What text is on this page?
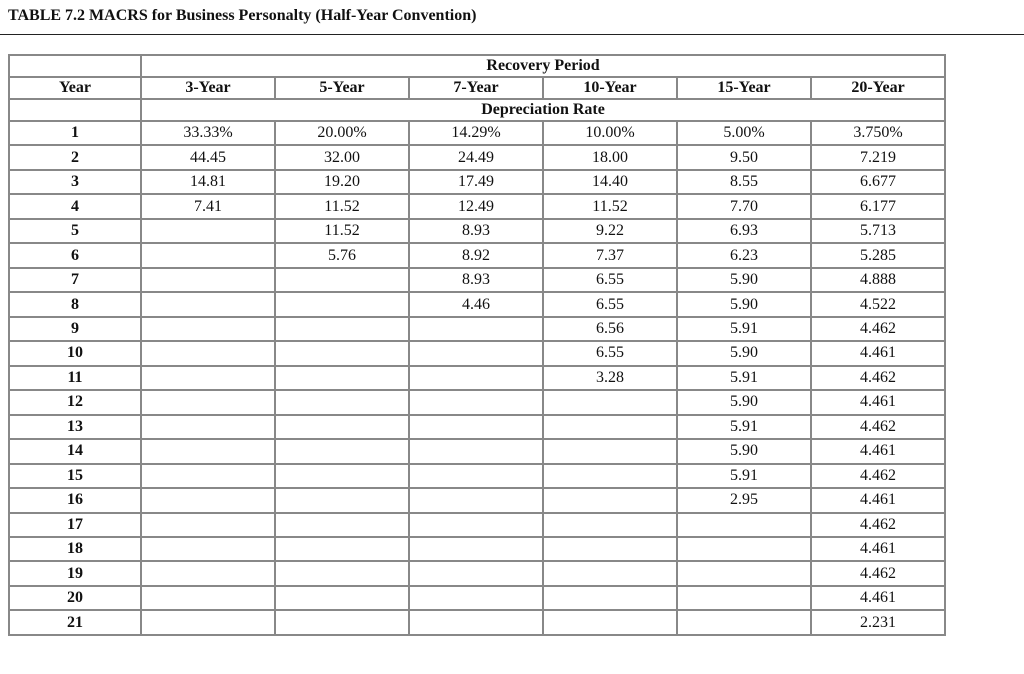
TABLE 7.2 MACRS for Business Personalty (Half-Year Convention)
	Recovery Period					
Year	3-Year	5-Year	7-Year	10-Year	15-Year	20-Year
	Depreciation Rate					
1	33.33%	20.00%	14.29%	10.00%	5.00%	3.750%
2	44.45	32.00	24.49	18.00	9.50	7.219
3	14.81	19.20	17.49	14.40	8.55	6.677
4	7.41	11.52	12.49	11.52	7.70	6.177
5		11.52	8.93	9.22	6.93	5.713
6		5.76	8.92	7.37	6.23	5.285
7			8.93	6.55	5.90	4.888
8			4.46	6.55	5.90	4.522
9				6.56	5.91	4.462
10				6.55	5.90	4.461
11				3.28	5.91	4.462
12					5.90	4.461
13					5.91	4.462
14					5.90	4.461
15					5.91	4.462
16					2.95	4.461
17						4.462
18						4.461
19						4.462
20						4.461
21						2.231
